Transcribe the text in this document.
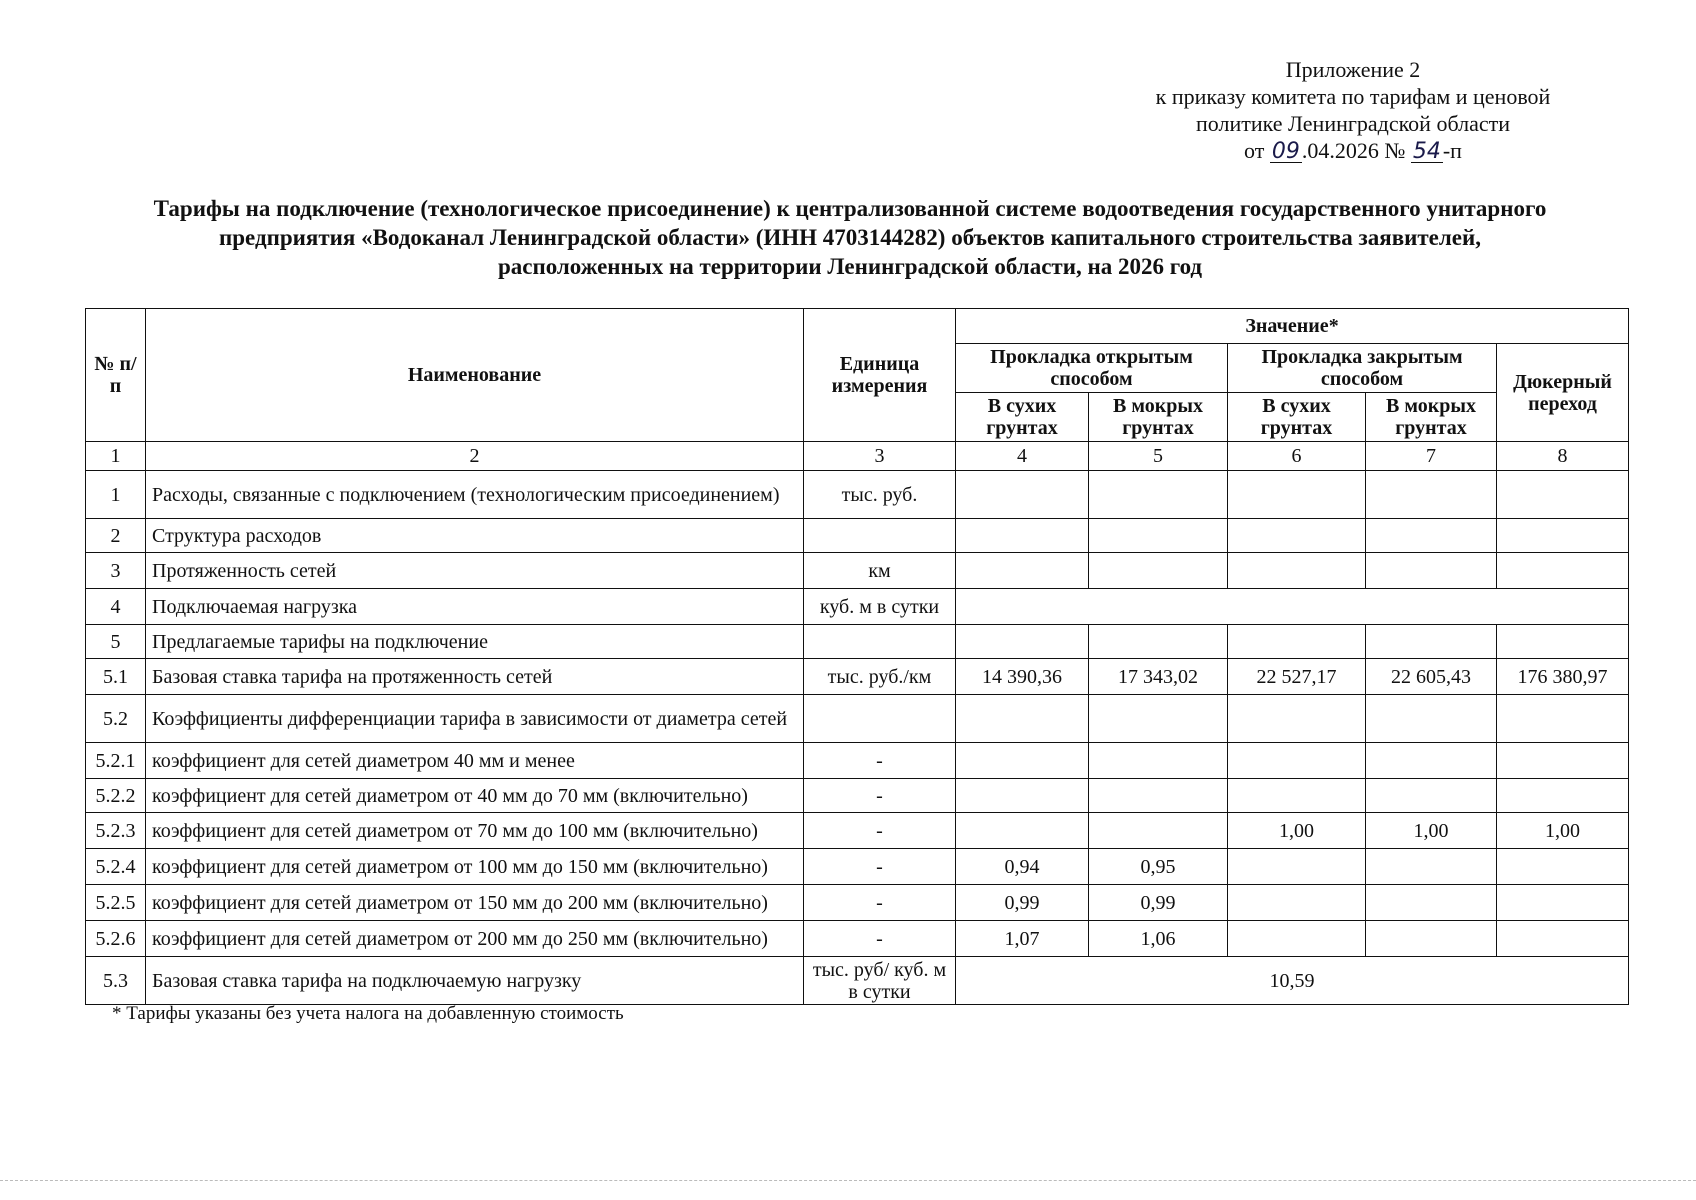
Приложение 2
к приказу комитета по тарифам и ценовой
политике Ленинградской области
от 09.04.2026 № 54-п
Тарифы на подключение (технологическое присоединение) к централизованной системе водоотведения государственного унитарного
предприятия «Водоканал Ленинградской области» (ИНН 4703144282) объектов капитального строительства заявителей,
расположенных на территории Ленинградской области, на 2026 год
№ п/п	Наименование	Единица измерения	Значение*				
			Прокладка открытым способом		Прокладка закрытым способом		Дюкерный переход
			В сухих грунтах	В мокрых грунтах	В сухих грунтах	В мокрых грунтах	
1	2	3	4	5	6	7	8
1	Расходы, связанные с подключением (технологическим присоединением)	тыс. руб.					
2	Структура расходов						
3	Протяженность сетей	км					
4	Подключаемая нагрузка	куб. м в сутки					
5	Предлагаемые тарифы на подключение						
5.1	Базовая ставка тарифа на протяженность сетей	тыс. руб./км	14 390,36	17 343,02	22 527,17	22 605,43	176 380,97
5.2	Коэффициенты дифференциации тарифа в зависимости от диаметра сетей						
5.2.1	коэффициент для сетей диаметром 40 мм и менее	-					
5.2.2	коэффициент для сетей диаметром от 40 мм до 70 мм (включительно)	-					
5.2.3	коэффициент для сетей диаметром от 70 мм до 100 мм (включительно)	-			1,00	1,00	1,00
5.2.4	коэффициент для сетей диаметром от 100 мм до 150 мм (включительно)	-	0,94	0,95			
5.2.5	коэффициент для сетей диаметром от 150 мм до 200 мм (включительно)	-	0,99	0,99			
5.2.6	коэффициент для сетей диаметром от 200 мм до 250 мм (включительно)	-	1,07	1,06			
5.3	Базовая ставка тарифа на подключаемую нагрузку	тыс. руб/ куб. м в сутки	10,59				
* Тарифы указаны без учета налога на добавленную стоимость
